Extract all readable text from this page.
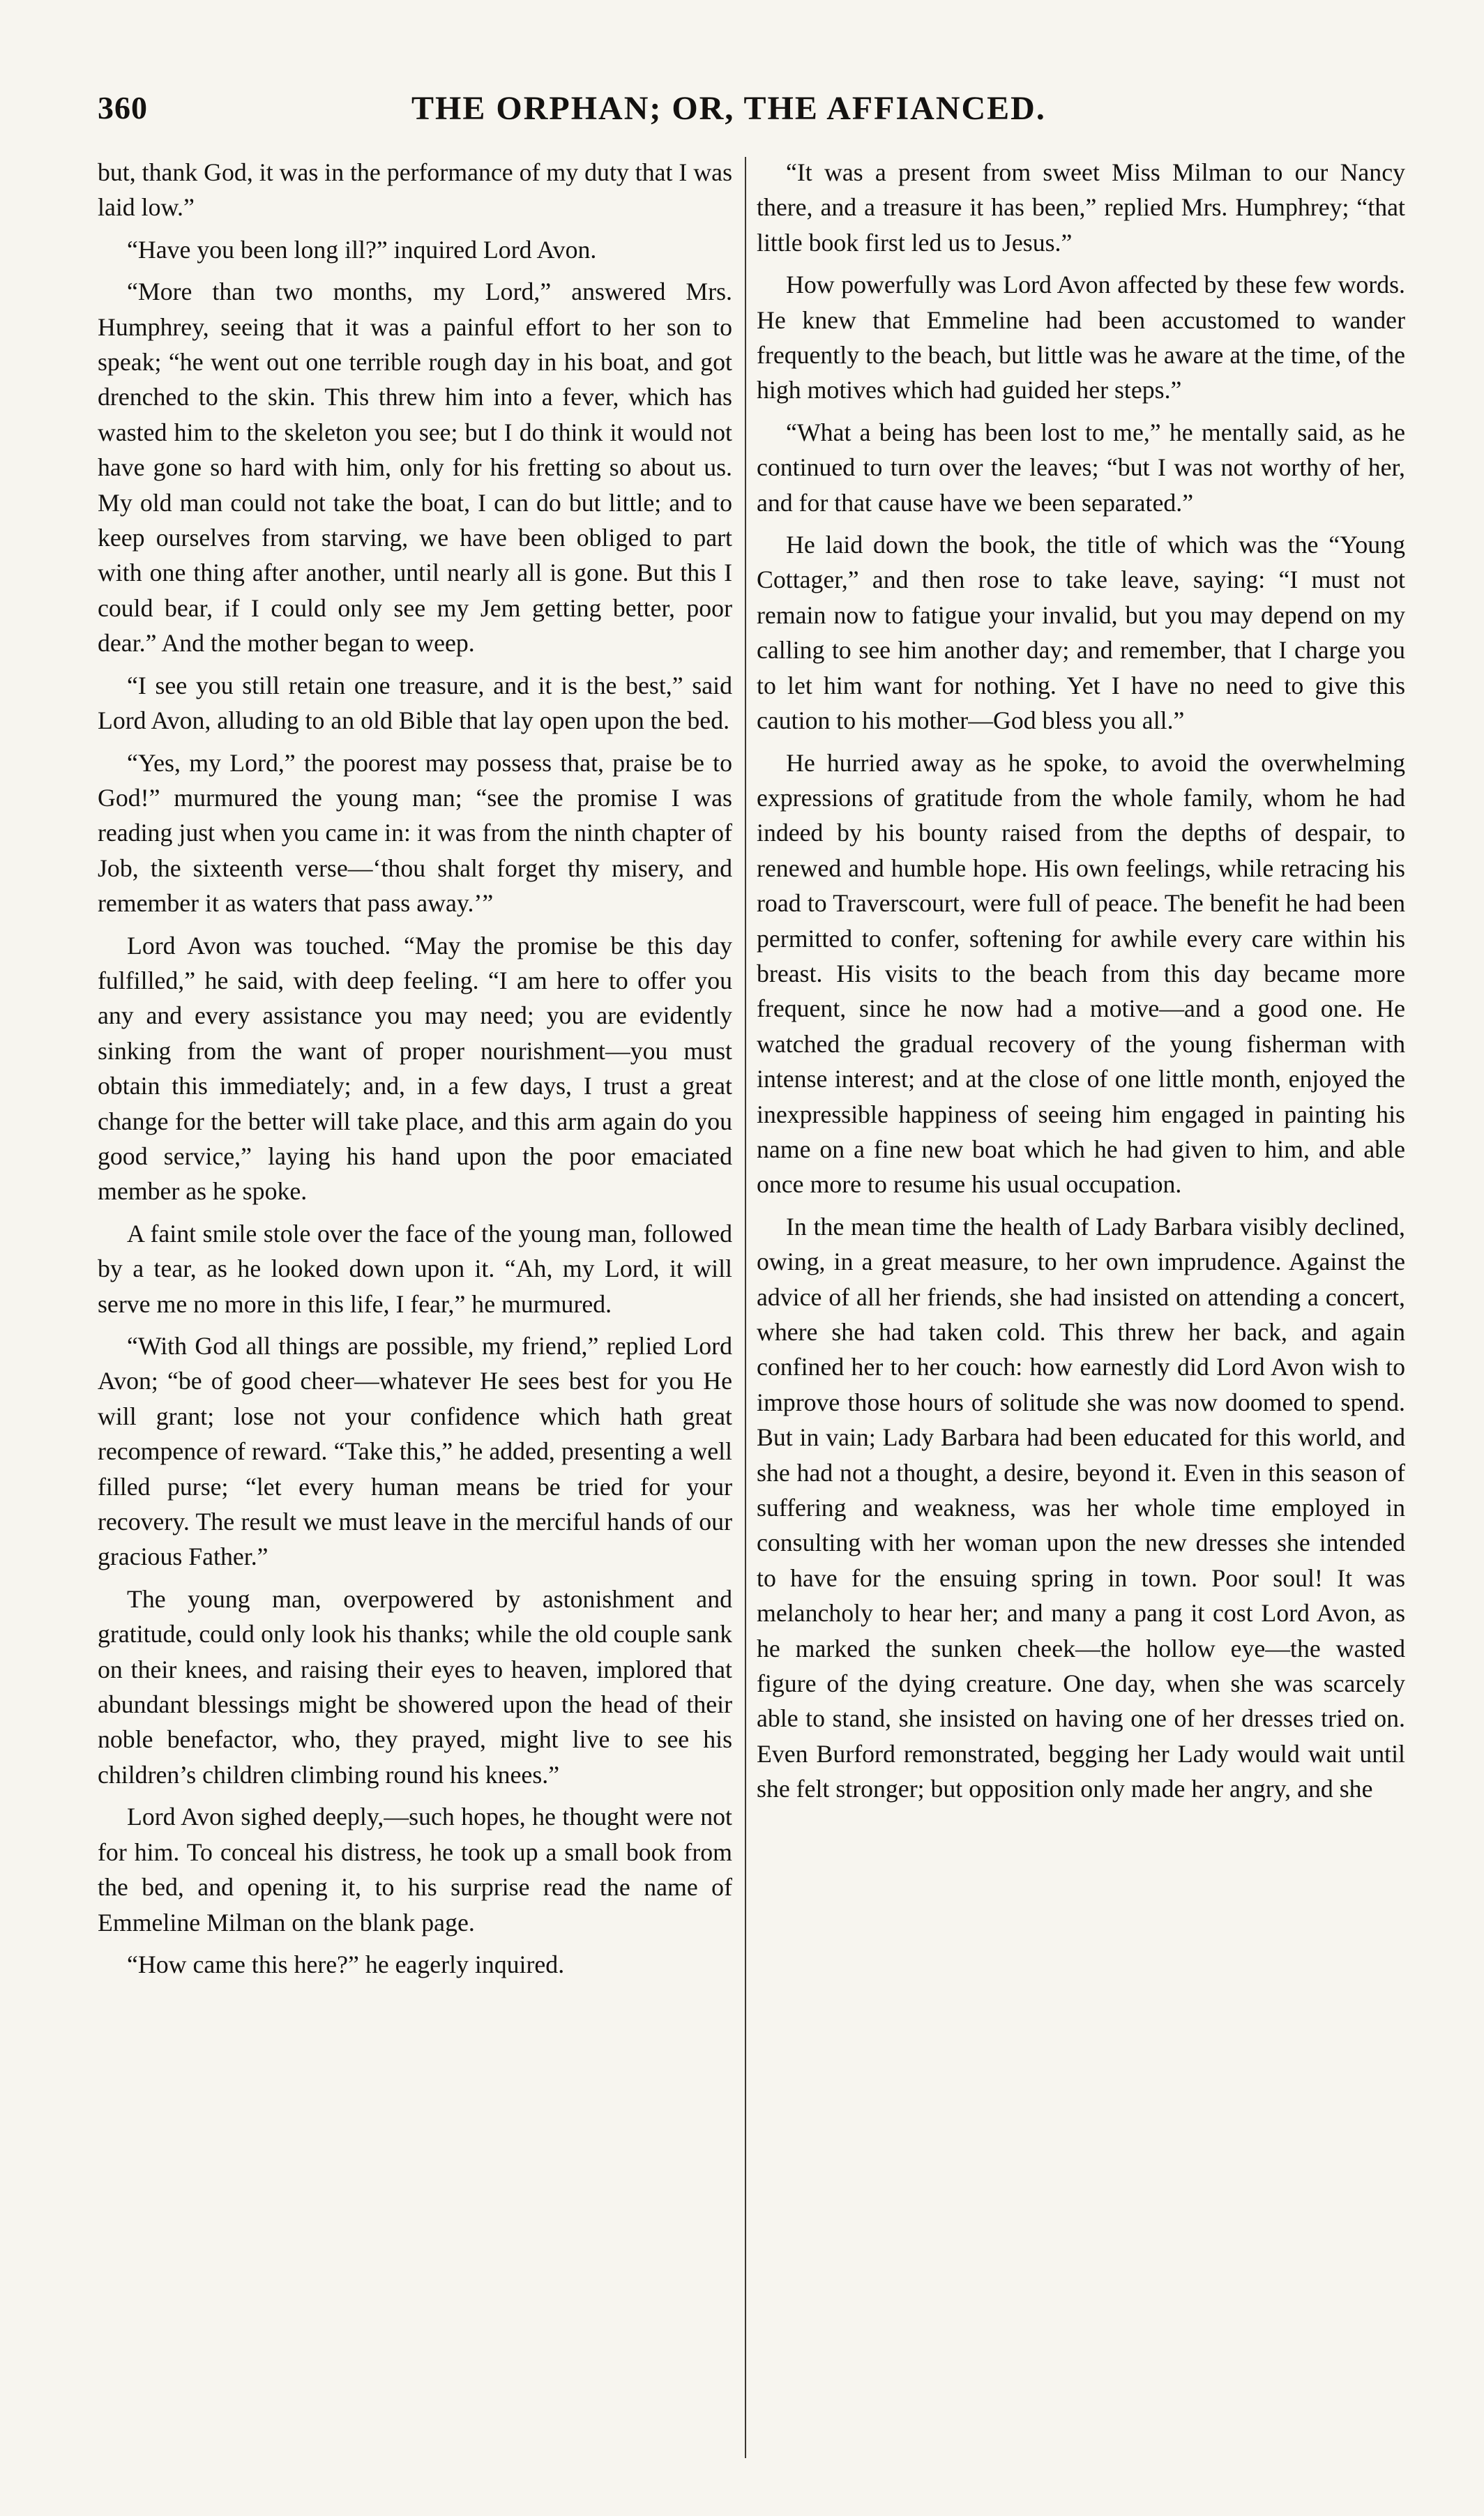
360	THE ORPHAN; OR, THE AFFIANCED.

but, thank God, it was in the performance of my duty that I was laid low.”

“Have you been long ill?” inquired Lord Avon.

“More than two months, my Lord,” answered Mrs. Humphrey, seeing that it was a painful effort to her son to speak; “he went out one terrible rough day in his boat, and got drenched to the skin. This threw him into a fever, which has wasted him to the skeleton you see; but I do think it would not have gone so hard with him, only for his fretting so about us. My old man could not take the boat, I can do but little; and to keep ourselves from starving, we have been obliged to part with one thing after another, until nearly all is gone. But this I could bear, if I could only see my Jem getting better, poor dear.” And the mother began to weep.

“I see you still retain one treasure, and it is the best,” said Lord Avon, alluding to an old Bible that lay open upon the bed.

“Yes, my Lord,” the poorest may possess that, praise be to God!” murmured the young man; “see the promise I was reading just when you came in: it was from the ninth chapter of Job, the sixteenth verse—‘thou shalt forget thy misery, and remember it as waters that pass away.’”

Lord Avon was touched. “May the promise be this day fulfilled,” he said, with deep feeling. “I am here to offer you any and every assistance you may need; you are evidently sinking from the want of proper nourishment—you must obtain this immediately; and, in a few days, I trust a great change for the better will take place, and this arm again do you good service,” laying his hand upon the poor emaciated member as he spoke.

A faint smile stole over the face of the young man, followed by a tear, as he looked down upon it. “Ah, my Lord, it will serve me no more in this life, I fear,” he murmured.

“With God all things are possible, my friend,” replied Lord Avon; “be of good cheer—whatever He sees best for you He will grant; lose not your confidence which hath great recompence of reward. “Take this,” he added, presenting a well filled purse; “let every human means be tried for your recovery. The result we must leave in the merciful hands of our gracious Father.”

The young man, overpowered by astonishment and gratitude, could only look his thanks; while the old couple sank on their knees, and raising their eyes to heaven, implored that abundant blessings might be showered upon the head of their noble benefactor, who, they prayed, might live to see his children’s children climbing round his knees.”

Lord Avon sighed deeply,—such hopes, he thought were not for him. To conceal his distress, he took up a small book from the bed, and opening it, to his surprise read the name of Emmeline Milman on the blank page.

“How came this here?” he eagerly inquired.

“It was a present from sweet Miss Milman to our Nancy there, and a treasure it has been,” replied Mrs. Humphrey; “that little book first led us to Jesus.”

How powerfully was Lord Avon affected by these few words. He knew that Emmeline had been accustomed to wander frequently to the beach, but little was he aware at the time, of the high motives which had guided her steps.”

“What a being has been lost to me,” he mentally said, as he continued to turn over the leaves; “but I was not worthy of her, and for that cause have we been separated.”

He laid down the book, the title of which was the “Young Cottager,” and then rose to take leave, saying: “I must not remain now to fatigue your invalid, but you may depend on my calling to see him another day; and remember, that I charge you to let him want for nothing. Yet I have no need to give this caution to his mother—God bless you all.”

He hurried away as he spoke, to avoid the overwhelming expressions of gratitude from the whole family, whom he had indeed by his bounty raised from the depths of despair, to renewed and humble hope. His own feelings, while retracing his road to Traverscourt, were full of peace. The benefit he had been permitted to confer, softening for awhile every care within his breast. His visits to the beach from this day became more frequent, since he now had a motive—and a good one. He watched the gradual recovery of the young fisherman with intense interest; and at the close of one little month, enjoyed the inexpressible happiness of seeing him engaged in painting his name on a fine new boat which he had given to him, and able once more to resume his usual occupation.

In the mean time the health of Lady Barbara visibly declined, owing, in a great measure, to her own imprudence. Against the advice of all her friends, she had insisted on attending a concert, where she had taken cold. This threw her back, and again confined her to her couch: how earnestly did Lord Avon wish to improve those hours of solitude she was now doomed to spend. But in vain; Lady Barbara had been educated for this world, and she had not a thought, a desire, beyond it. Even in this season of suffering and weakness, was her whole time employed in consulting with her woman upon the new dresses she intended to have for the ensuing spring in town. Poor soul! It was melancholy to hear her; and many a pang it cost Lord Avon, as he marked the sunken cheek—the hollow eye—the wasted figure of the dying creature. One day, when she was scarcely able to stand, she insisted on having one of her dresses tried on. Even Burford remonstrated, begging her Lady would wait until she felt stronger; but opposition only made her angry, and she
